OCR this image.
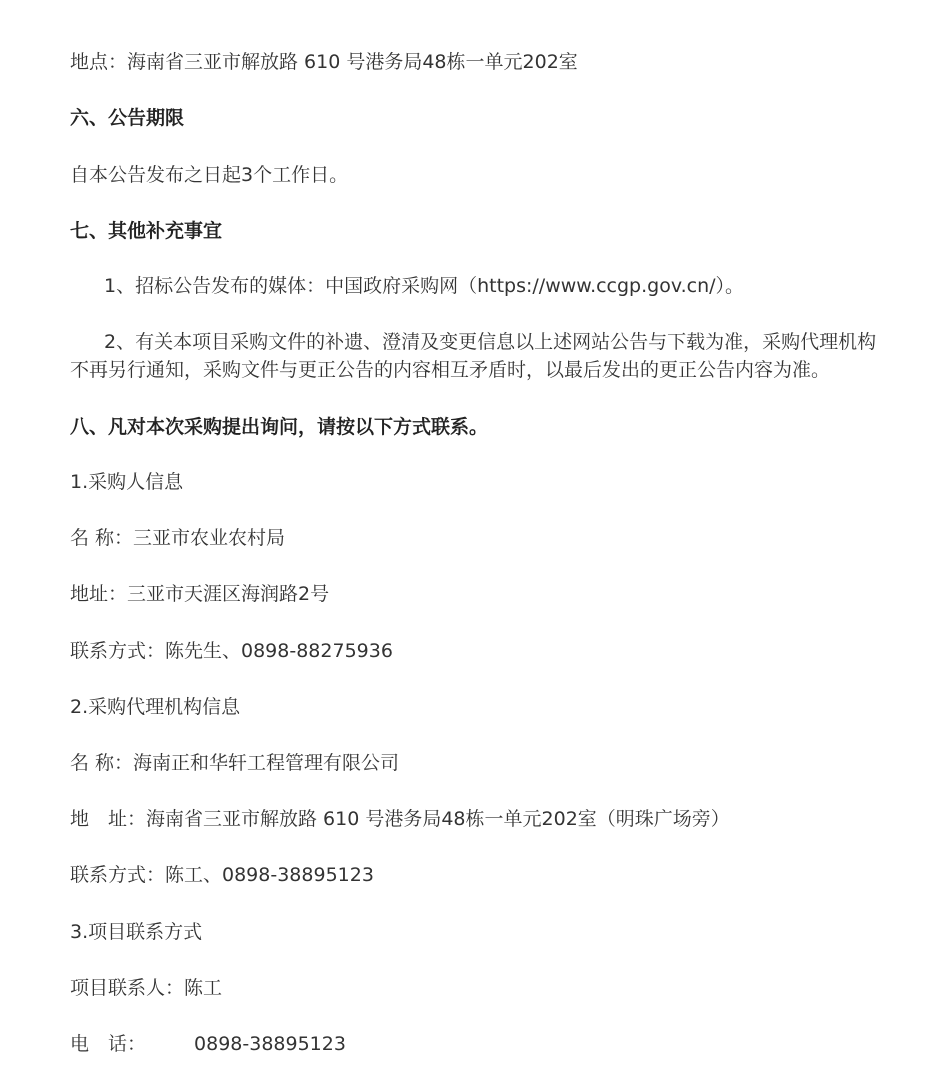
地点：海南省三亚市解放路 610 号港务局48栋一单元202室
六、公告期限
自本公告发布之日起3个工作日。
七、其他补充事宜
1、招标公告发布的媒体：中国政府采购网（https://www.ccgp.gov.cn/）。
2、有关本项目采购文件的补遗、澄清及变更信息以上述网站公告与下载为准，采购代理机构不再另行通知，采购文件与更正公告的内容相互矛盾时，以最后发出的更正公告内容为准。
八、凡对本次采购提出询问，请按以下方式联系。
1.采购人信息
名 称：三亚市农业农村局
地址：三亚市天涯区海润路2号
联系方式：陈先生、0898-88275936
2.采购代理机构信息
名 称：海南正和华轩工程管理有限公司
地　址：海南省三亚市解放路 610 号港务局48栋一单元202室（明珠广场旁）
联系方式：陈工、0898-38895123
3.项目联系方式
项目联系人：陈工
电　话：	0898-38895123
